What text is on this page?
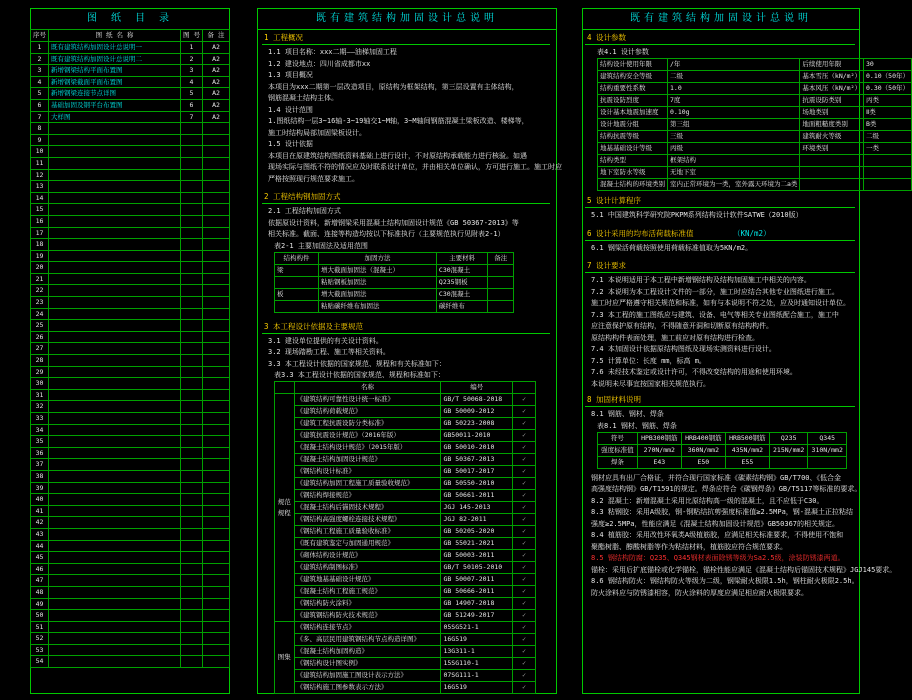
图 纸 目 录
序号	图 纸 名 称	图 号	备 注
1	既有建筑结构加固设计总说明一	1	A2
2	既有建筑结构加固设计总说明二	2	A2
3	新增钢梁结构平面布置图	3	A2
4	新增钢梁截面平面布置图	4	A2
5	新增钢梁连接节点详图	5	A2
6	基础加固及钢平台布置图	6	A2
7	大样图	7	A2
8			
9			
10			
11			
12			
13			
14			
15			
16			
17			
18			
19			
20			
21			
22			
23			
24			
25			
26			
27			
28			
29			
30			
31			
32			
33			
34			
35			
36			
37			
38			
39			
40			
41			
42			
43			
44			
45			
46			
47			
48			
49			
50			
51			
52			
53			
54			
既有建筑结构加固设计总说明
1 工程概况
1.1 项目名称：xxx二期——油梯加固工程
1.2 建设地点：四川省成都市xx
1.3 项目概况
本项目为xxx二期第一层改造项目，原结构为框架结构，第三层设置有主体结构，
钢筋混凝土结构主体。
1.4 设计范围
1.图纸结构一层3~16轴-3~19轴交1~M轴，3~M轴间钢筋混凝土梁板改造、楼梯等，
施工时结构局部加固梁板设计。
1.5 设计依据
本项目在原建筑结构图纸资料基础上进行设计，不对原结构承载能力进行核验。如遇
现场实际与图纸不符的情况应及时联系设计单位，并由相关单位确认，方可进行施工。施工时应
严格按照现行规范要求施工。
2 工程结构钢加固方式
2.1 工程结构加固方式
依据原设计资料，新增钢梁采用混凝土结构加固设计规范《GB 50367-2013》等
相关标准。截面、连接等构造均按以下标准执行（主要规范执行见附表2-1）
表2-1 主要加固法及适用范围
结构构件	加固方法	主要材料	备注
梁	增大截面加固法（混凝土）	C30混凝土	
	粘贴钢板加固法	Q235钢板	
板	增大截面加固法	C30混凝土	
	粘贴碳纤维布加固法	碳纤维布	
3 本工程设计依据及主要规范
3.1 建设单位提供的有关设计资料。
3.2 现场踏勘工程、施工等相关资料。
3.3 本工程设计依据的国家规范、规程和有关标准如下：
表3.3 本工程设计依据的国家规范、规程和标准如下：
	名称	编号	
规范规程	《建筑结构可靠性设计统一标准》	GB/T 50068-2018	✓
	《建筑结构荷载规范》	GB 50009-2012	✓
	《建筑工程抗震设防分类标准》	GB 50223-2008	✓
	《建筑抗震设计规范》（2016年版）	GB50011-2010	✓
	《混凝土结构设计规范》（2015年版）	GB 50010-2010	✓
	《混凝土结构加固设计规范》	GB 50367-2013	✓
	《钢结构设计标准》	GB 50017-2017	✓
	《建筑结构加固工程施工质量验收规范》	GB 50550-2010	✓
	《钢结构焊接规范》	GB 50661-2011	✓
	《混凝土结构后锚固技术规程》	JGJ 145-2013	✓
	《钢结构高强度螺栓连接技术规程》	JGJ 82-2011	✓
	《钢结构工程施工质量验收标准》	GB 50205-2020	✓
	《既有建筑鉴定与加固通用规范》	GB 55021-2021	✓
	《砌体结构设计规范》	GB 50003-2011	✓
	《建筑结构制图标准》	GB/T 50105-2010	✓
	《建筑地基基础设计规范》	GB 50007-2011	✓
	《混凝土结构工程施工规范》	GB 50666-2011	✓
	《钢结构防火涂料》	GB 14907-2018	✓
	《建筑钢结构防火技术规范》	GB 51249-2017	✓
图集	《钢结构连接节点》	05SG521-1	✓
	《多、高层民用建筑钢结构节点构造详图》	16G519	✓
	《混凝土结构加固构造》	13G311-1	✓
	《钢结构设计图实例》	15SG110-1	✓
	《建筑结构加固施工图设计表示方法》	07SG111-1	✓
	《钢结构施工图参数表示方法》	16G519	✓
既有建筑结构加固设计总说明
4 设计参数
表4.1 设计参数
结构设计使用年限	/年	后续使用年限	30
建筑结构安全等级	二级	基本雪压（kN/m²）	0.10（50年）
结构重要性系数	1.0	基本风压（kN/m²）	0.30（50年）
抗震设防烈度	7度	抗震设防类别	丙类
设计基本地震加速度	0.10g	场地类别	Ⅱ类
设计地震分组	第三组	地面粗糙度类别	B类
结构抗震等级	三级	建筑耐火等级	二级
地基基础设计等级	丙级	环境类别	一类
结构类型	框架结构		
地下室防水等级	无地下室		
混凝土结构的环境类别	室内正常环境为一类，室外露天环境为二a类		
5 设计计算程序
5.1 中国建筑科学研究院PKPM系列结构设计软件SATWE（2010版）
6 设计采用的均布活荷载标准值	（KN/m2）
6.1 钢梁活荷载按照使用荷载标准值取为5KN/m2。
7 设计要求
7.1 本说明适用于本工程中新增钢结构及结构加固施工中相关的内容。
7.2 本说明为本工程设计文件的一部分，施工时应结合其他专业图纸进行施工。
施工时应严格遵守相关规范和标准，如有与本说明不符之处，应及时通知设计单位。
7.3 本工程的施工图纸应与建筑、设备、电气等相关专业图纸配合施工，施工中
应注意保护原有结构，不得随意开洞和切断原有结构构件。
原结构构件表面处理，施工前应对原有结构进行检查。
7.4 本加固设计依据原结构图纸及现场实测资料进行设计。
7.5 计算单位：长度 mm，标高 m。
7.6 未经技术鉴定或设计许可，不得改变结构的用途和使用环境。
本说明未尽事宜按国家相关规范执行。
8 加固材料说明
8.1 钢筋、钢材、焊条
表8.1 钢材、钢筋、焊条
符号	HPB300钢筋	HRB400钢筋	HRB500钢筋	Q235	Q345
强度标准值	270N/mm2	360N/mm2	435N/mm2	215N/mm2	310N/mm2
焊条	E43	E50	E55		
钢材应具有出厂合格证，并符合现行国家标准《碳素结构钢》GB/T700、《低合金
高强度结构钢》GB/T1591的规定。焊条应符合《碳钢焊条》GB/T5117等标准的要求。
8.2 混凝土：新增混凝土采用比原结构高一级的混凝土，且不应低于C30。
8.3 粘钢胶：采用A级胶，钢-钢粘结抗剪强度标准值≥2.5MPa，钢-混凝土正拉粘结
强度≥2.5MPa，性能应满足《混凝土结构加固设计规范》GB50367的相关规定。
8.4 植筋胶：采用改性环氧类A级植筋胶，应满足相关标准要求，不得使用不饱和
聚酯树脂、醇酸树脂等作为粘结材料，植筋胶应符合规范要求。
8.5 钢结构防腐：Q235、Q345钢材表面除锈等级为Sa2.5级，涂装防锈漆两道。
锚栓：采用后扩底锚栓或化学锚栓，锚栓性能应满足《混凝土结构后锚固技术规程》JGJ145要求。
8.6 钢结构防火：钢结构防火等级为二级，钢梁耐火极限1.5h，钢柱耐火极限2.5h。
防火涂料应与防锈漆相容，防火涂料的厚度应满足相应耐火极限要求。
